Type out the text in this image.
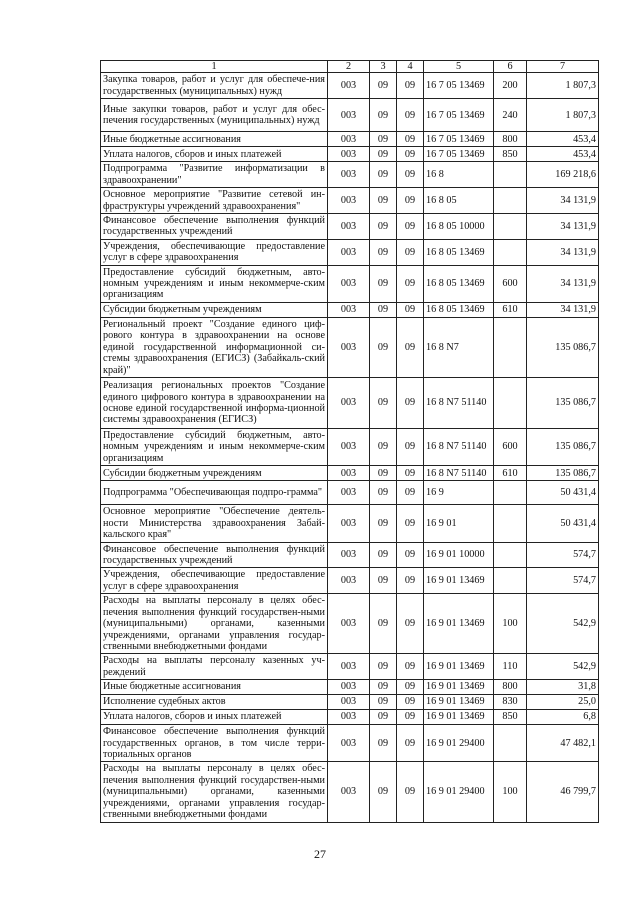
1	2	3	4	5	6	7
Закупка товаров, работ и услуг для обеспече-ния государственных (муниципальных) нужд	003	09	09	16 7 05 13469	200	1 807,3
Иные закупки товаров, работ и услуг для обес-печения государственных (муниципальных) нужд	003	09	09	16 7 05 13469	240	1 807,3
Иные бюджетные ассигнования	003	09	09	16 7 05 13469	800	453,4
Уплата налогов, сборов и иных платежей	003	09	09	16 7 05 13469	850	453,4
Подпрограмма "Развитие информатизации в здравоохранении"	003	09	09	16 8		169 218,6
Основное мероприятие "Развитие сетевой ин-фраструктуры учреждений здравоохранения"	003	09	09	16 8 05		34 131,9
Финансовое обеспечение выполнения функций государственных учреждений	003	09	09	16 8 05 10000		34 131,9
Учреждения, обеспечивающие предоставление услуг в сфере здравоохранения	003	09	09	16 8 05 13469		34 131,9
Предоставление субсидий бюджетным, авто-номным учреждениям и иным некоммерче-ским организациям	003	09	09	16 8 05 13469	600	34 131,9
Субсидии бюджетным учреждениям	003	09	09	16 8 05 13469	610	34 131,9
Региональный проект "Создание единого циф-рового контура в здравоохранении на основе единой государственной информационной си-стемы здравоохранения (ЕГИСЗ) (Забайкаль-ский край)"	003	09	09	16 8 N7		135 086,7
Реализация региональных проектов "Создание единого цифрового контура в здравоохранении на основе единой государственной информа-ционной системы здравоохранения (ЕГИСЗ)	003	09	09	16 8 N7 51140		135 086,7
Предоставление субсидий бюджетным, авто-номным учреждениям и иным некоммерче-ским организациям	003	09	09	16 8 N7 51140	600	135 086,7
Субсидии бюджетным учреждениям	003	09	09	16 8 N7 51140	610	135 086,7
Подпрограмма "Обеспечивающая подпро-грамма"	003	09	09	16 9		50 431,4
Основное мероприятие "Обеспечение деятель-ности Министерства здравоохранения Забай-кальского края"	003	09	09	16 9 01		50 431,4
Финансовое обеспечение выполнения функций государственных учреждений	003	09	09	16 9 01 10000		574,7
Учреждения, обеспечивающие предоставление услуг в сфере здравоохранения	003	09	09	16 9 01 13469		574,7
Расходы на выплаты персоналу в целях обес-печения выполнения функций государствен-ными (муниципальными) органами, казенными учреждениями, органами управления государ-ственными внебюджетными фондами	003	09	09	16 9 01 13469	100	542,9
Расходы на выплаты персоналу казенных уч-реждений	003	09	09	16 9 01 13469	110	542,9
Иные бюджетные ассигнования	003	09	09	16 9 01 13469	800	31,8
Исполнение судебных актов	003	09	09	16 9 01 13469	830	25,0
Уплата налогов, сборов и иных платежей	003	09	09	16 9 01 13469	850	6,8
Финансовое обеспечение выполнения функций государственных органов, в том числе терри-ториальных органов	003	09	09	16 9 01 29400		47 482,1
Расходы на выплаты персоналу в целях обес-печения выполнения функций государствен-ными (муниципальными) органами, казенными учреждениями, органами управления государ-ственными внебюджетными фондами	003	09	09	16 9 01 29400	100	46 799,7
27
